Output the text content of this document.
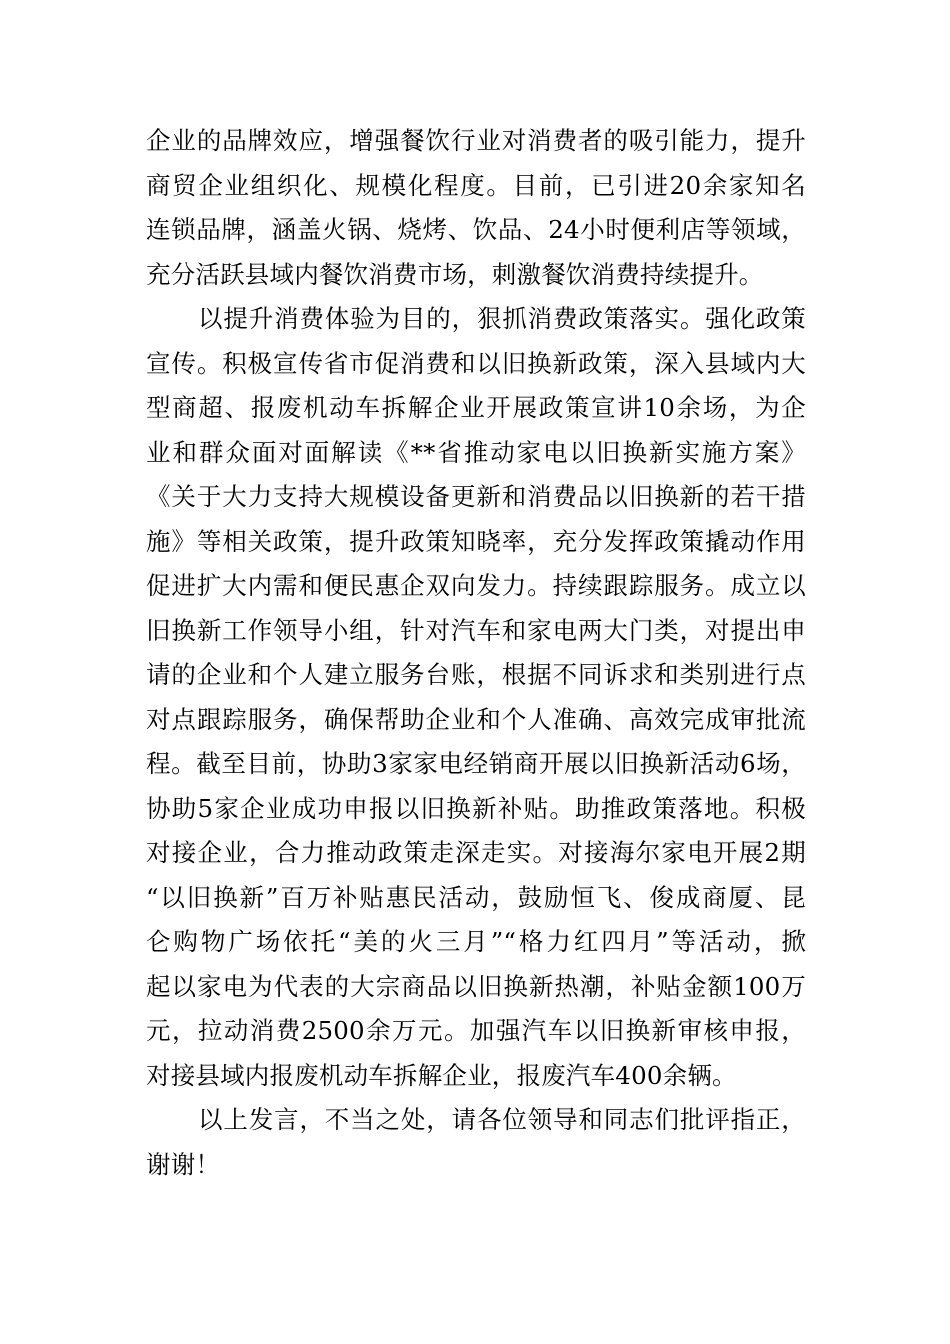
企业的品牌效应，增强餐饮行业对消费者的吸引能力，提升
商贸企业组织化、规模化程度。目前，已引进20余家知名
连锁品牌，涵盖火锅、烧烤、饮品、24小时便利店等领域，
充分活跃县域内餐饮消费市场，刺激餐饮消费持续提升。
以提升消费体验为目的，狠抓消费政策落实。强化政策
宣传。积极宣传省市促消费和以旧换新政策，深入县域内大
型商超、报废机动车拆解企业开展政策宣讲10余场，为企
业和群众面对面解读《**省推动家电以旧换新实施方案》
《关于大力支持大规模设备更新和消费品以旧换新的若干措
施》等相关政策，提升政策知晓率，充分发挥政策撬动作用
促进扩大内需和便民惠企双向发力。持续跟踪服务。成立以
旧换新工作领导小组，针对汽车和家电两大门类，对提出申
请的企业和个人建立服务台账，根据不同诉求和类别进行点
对点跟踪服务，确保帮助企业和个人准确、高效完成审批流
程。截至目前，协助3家家电经销商开展以旧换新活动6场，
协助5家企业成功申报以旧换新补贴。助推政策落地。积极
对接企业，合力推动政策走深走实。对接海尔家电开展2期
“以旧换新”百万补贴惠民活动，鼓励恒飞、俊成商厦、昆
仑购物广场依托“美的火三月”“格力红四月”等活动，掀
起以家电为代表的大宗商品以旧换新热潮，补贴金额100万
元，拉动消费2500余万元。加强汽车以旧换新审核申报，
对接县域内报废机动车拆解企业，报废汽车400余辆。
以上发言，不当之处，请各位领导和同志们批评指正，
谢谢！
